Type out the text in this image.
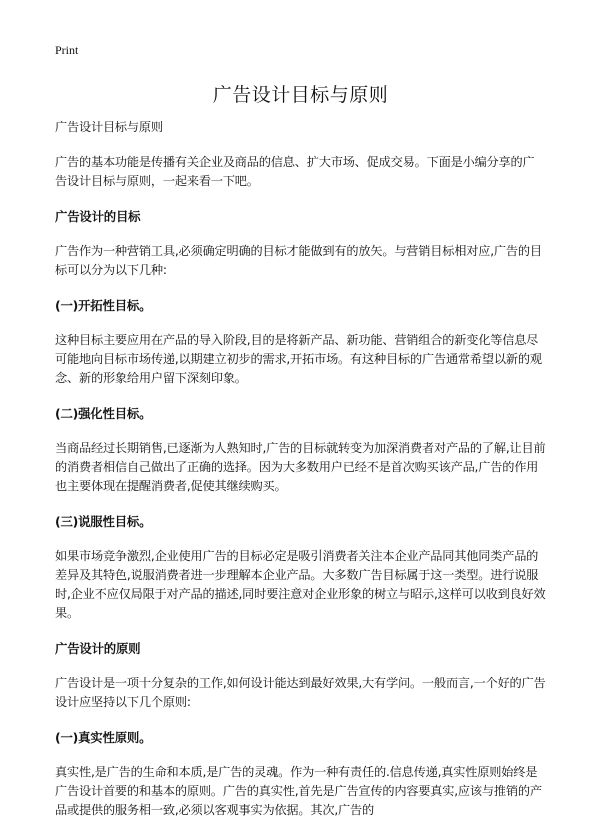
Print
广告设计目标与原则

广告设计目标与原则

广告的基本功能是传播有关企业及商品的信息、扩大市场、促成交易。下面是小编分享的广告设计目标与原则，一起来看一下吧。

广告设计的目标

广告作为一种营销工具,必须确定明确的目标才能做到有的放矢。与营销目标相对应,广告的目标可以分为以下几种:

(一)开拓性目标。

这种目标主要应用在产品的导入阶段,目的是将新产品、新功能、营销组合的新变化等信息尽可能地向目标市场传递,以期建立初步的需求,开拓市场。有这种目标的广告通常希望以新的观念、新的形象给用户留下深刻印象。

(二)强化性目标。

当商品经过长期销售,已逐渐为人熟知时,广告的目标就转变为加深消费者对产品的了解,让目前的消费者相信自己做出了正确的选择。因为大多数用户已经不是首次购买该产品,广告的作用也主要体现在提醒消费者,促使其继续购买。

(三)说服性目标。

如果市场竞争激烈,企业使用广告的目标必定是吸引消费者关注本企业产品同其他同类产品的差异及其特色,说服消费者进一步理解本企业产品。大多数广告目标属于这一类型。进行说服时,企业不应仅局限于对产品的描述,同时要注意对企业形象的树立与昭示,这样可以收到良好效果。

广告设计的原则

广告设计是一项十分复杂的工作,如何设计能达到最好效果,大有学问。一般而言,一个好的广告设计应坚持以下几个原则:

(一)真实性原则。

真实性,是广告的生命和本质,是广告的灵魂。作为一种有责任的.信息传递,真实性原则始终是广告设计首要的和基本的原则。广告的真实性,首先是广告宣传的内容要真实,应该与推销的产品或提供的服务相一致,必须以客观事实为依据。其次,广告的
